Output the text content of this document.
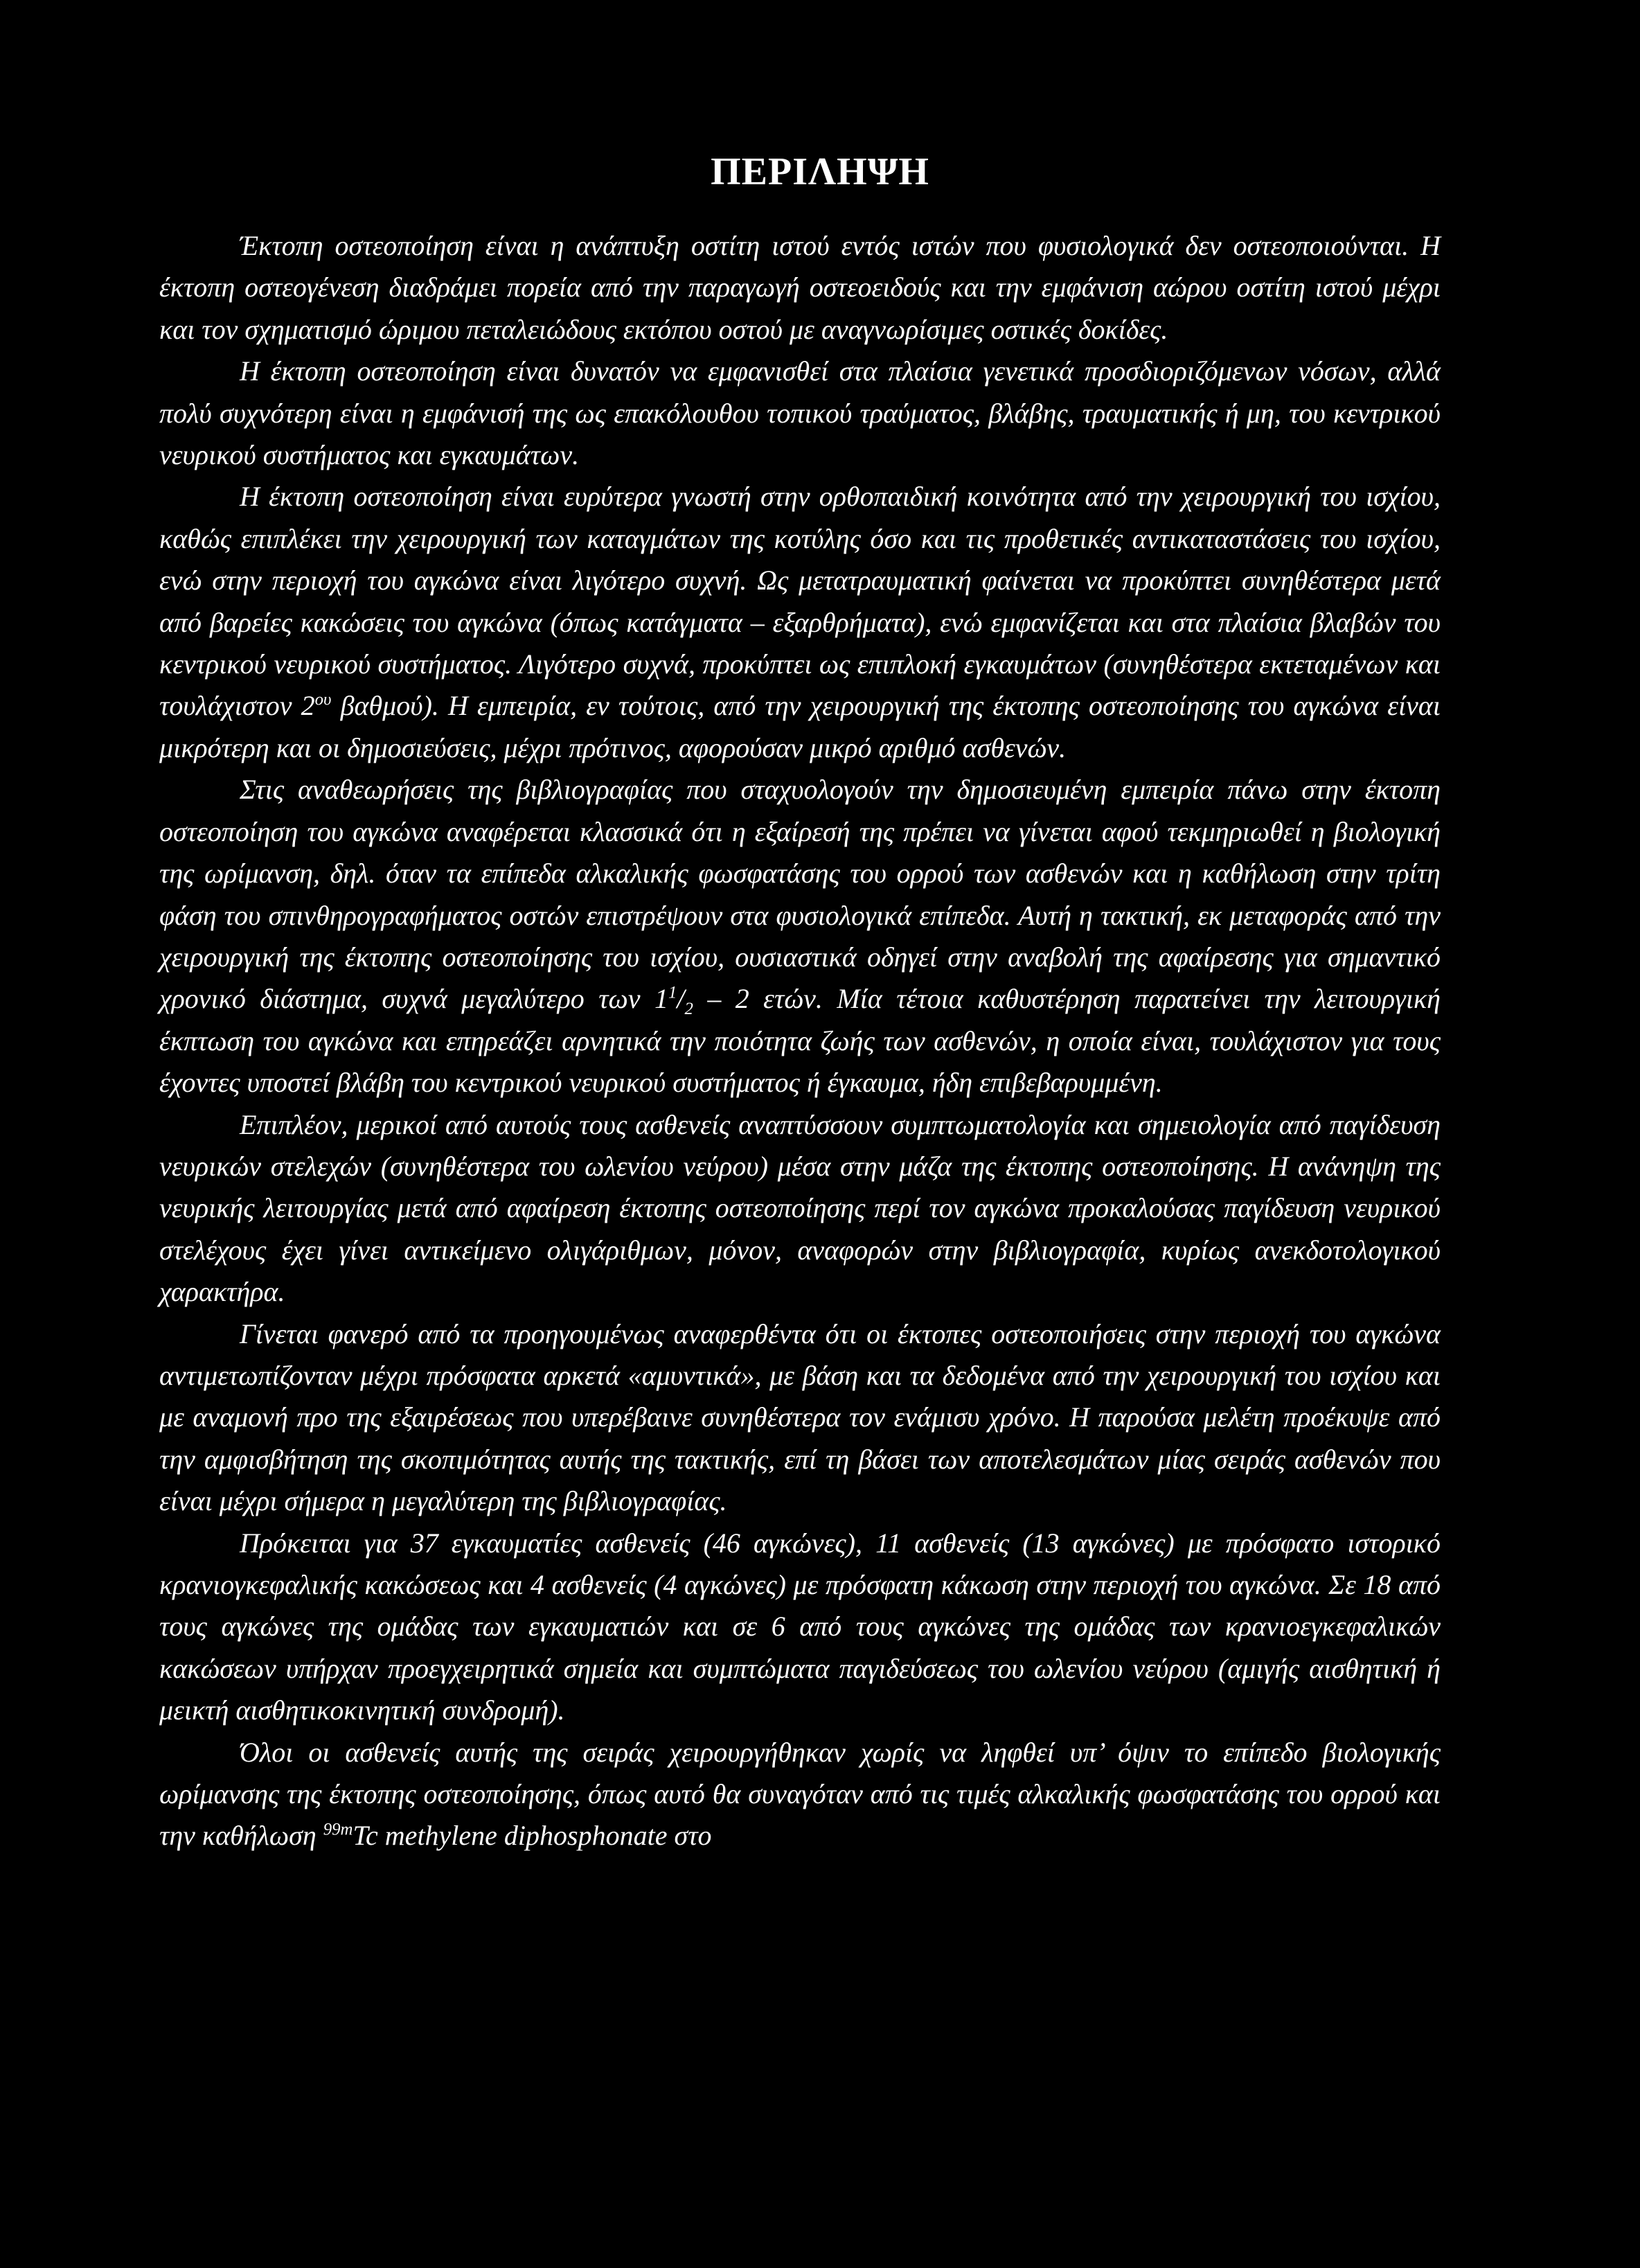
ΠΕΡΙΛΗΨΗ

Έκτοπη οστεοποίηση είναι η ανάπτυξη οστίτη ιστού εντός ιστών που φυσιολογικά δεν οστεοποιούνται. Η έκτοπη οστεογένεση διαδράμει πορεία από την παραγωγή οστεοειδούς και την εμφάνιση αώρου οστίτη ιστού μέχρι και τον σχηματισμό ώριμου πεταλειώδους εκτόπου οστού με αναγνωρίσιμες οστικές δοκίδες.

Η έκτοπη οστεοποίηση είναι δυνατόν να εμφανισθεί στα πλαίσια γενετικά προσδιοριζόμενων νόσων, αλλά πολύ συχνότερη είναι η εμφάνισή της ως επακόλουθου τοπικού τραύματος, βλάβης, τραυματικής ή μη, του κεντρικού νευρικού συστήματος και εγκαυμάτων.

Η έκτοπη οστεοποίηση είναι ευρύτερα γνωστή στην ορθοπαιδική κοινότητα από την χειρουργική του ισχίου, καθώς επιπλέκει την χειρουργική των καταγμάτων της κοτύλης όσο και τις προθετικές αντικαταστάσεις του ισχίου, ενώ στην περιοχή του αγκώνα είναι λιγότερο συχνή. Ως μετατραυματική φαίνεται να προκύπτει συνηθέστερα μετά από βαρείες κακώσεις του αγκώνα (όπως κατάγματα – εξαρθρήματα), ενώ εμφανίζεται και στα πλαίσια βλαβών του κεντρικού νευρικού συστήματος. Λιγότερο συχνά, προκύπτει ως επιπλοκή εγκαυμάτων (συνηθέστερα εκτεταμένων και τουλάχιστον $2^{o\upsilon}$ βαθμού). Η εμπειρία, εν τούτοις, από την χειρουργική της έκτοπης οστεοποίησης του αγκώνα είναι μικρότερη και οι δημοσιεύσεις, μέχρι πρότινος, αφορούσαν μικρό αριθμό ασθενών.

Στις αναθεωρήσεις της βιβλιογραφίας που σταχυολογούν την δημοσιευμένη εμπειρία πάνω στην έκτοπη οστεοποίηση του αγκώνα αναφέρεται κλασσικά ότι η εξαίρεσή της πρέπει να γίνεται αφού τεκμηριωθεί η βιολογική της ωρίμανση, δηλ. όταν τα επίπεδα αλκαλικής φωσφατάσης του ορρού των ασθενών και η καθήλωση στην τρίτη φάση του σπινθηρογραφήματος οστών επιστρέψουν στα φυσιολογικά επίπεδα. Αυτή η τακτική, εκ μεταφοράς από την χειρουργική της έκτοπης οστεοποίησης του ισχίου, ουσιαστικά οδηγεί στην αναβολή της αφαίρεσης για σημαντικό χρονικό διάστημα, συχνά μεγαλύτερο των $1^1/_2 - 2$ ετών. Μία τέτοια καθυστέρηση παρατείνει την λειτουργική έκπτωση του αγκώνα και επηρεάζει αρνητικά την ποιότητα ζωής των ασθενών, η οποία είναι, τουλάχιστον για τους έχοντες υποστεί βλάβη του κεντρικού νευρικού συστήματος ή έγκαυμα, ήδη επιβεβαρυμμένη.

Επιπλέον, μερικοί από αυτούς τους ασθενείς αναπτύσσουν συμπτωματολογία και σημειολογία από παγίδευση νευρικών στελεχών (συνηθέστερα του ωλενίου νεύρου) μέσα στην μάζα της έκτοπης οστεοποίησης. Η ανάνηψη της νευρικής λειτουργίας μετά από αφαίρεση έκτοπης οστεοποίησης περί τον αγκώνα προκαλούσας παγίδευση νευρικού στελέχους έχει γίνει αντικείμενο ολιγάριθμων, μόνον, αναφορών στην βιβλιογραφία, κυρίως ανεκδοτολογικού χαρακτήρα.

Γίνεται φανερό από τα προηγουμένως αναφερθέντα ότι οι έκτοπες οστεοποιήσεις στην περιοχή του αγκώνα αντιμετωπίζονταν μέχρι πρόσφατα αρκετά «αμυντικά», με βάση και τα δεδομένα από την χειρουργική του ισχίου και με αναμονή προ της εξαιρέσεως που υπερέβαινε συνηθέστερα τον ενάμισυ χρόνο. Η παρούσα μελέτη προέκυψε από την αμφισβήτηση της σκοπιμότητας αυτής της τακτικής, επί τη βάσει των αποτελεσμάτων μίας σειράς ασθενών που είναι μέχρι σήμερα η μεγαλύτερη της βιβλιογραφίας.

Πρόκειται για 37 εγκαυματίες ασθενείς (46 αγκώνες), 11 ασθενείς (13 αγκώνες) με πρόσφατο ιστορικό κρανιογκεφαλικής κακώσεως και 4 ασθενείς (4 αγκώνες) με πρόσφατη κάκωση στην περιοχή του αγκώνα. Σε 18 από τους αγκώνες της ομάδας των εγκαυματιών και σε 6 από τους αγκώνες της ομάδας των κρανιοεγκεφαλικών κακώσεων υπήρχαν προεγχειρητικά σημεία και συμπτώματα παγιδεύσεως του ωλενίου νεύρου (αμιγής αισθητική ή μεικτή αισθητικοκινητική συνδρομή).

Όλοι οι ασθενείς αυτής της σειράς χειρουργήθηκαν χωρίς να ληφθεί υπ’ όψιν το επίπεδο βιολογικής ωρίμανσης της έκτοπης οστεοποίησης, όπως αυτό θα συναγόταν από τις τιμές αλκαλικής φωσφατάσης του ορρού και την καθήλωση $^{99m}$Tc methylene diphosphonate στο
